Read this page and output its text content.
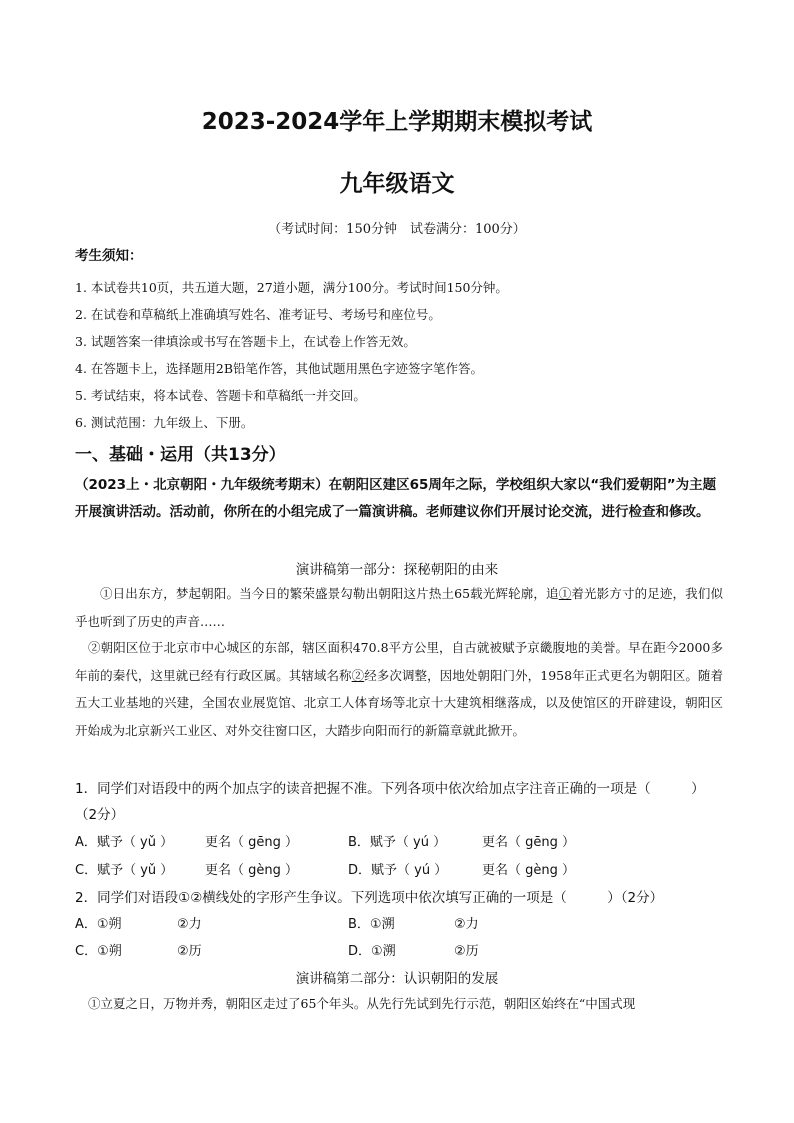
2023-2024学年上学期期末模拟考试
九年级语文
（考试时间：150分钟　试卷满分：100分）
考生须知：
1. 本试卷共10页，共五道大题，27道小题，满分100分。考试时间150分钟。
2. 在试卷和草稿纸上准确填写姓名、准考证号、考场号和座位号。
3. 试题答案一律填涂或书写在答题卡上，在试卷上作答无效。
4. 在答题卡上，选择题用2B铅笔作答，其他试题用黑色字迹签字笔作答。
5. 考试结束，将本试卷、答题卡和草稿纸一并交回。
6. 测试范围：九年级上、下册。
一、基础・运用（共13分）
（2023上・北京朝阳・九年级统考期末）在朝阳区建区65周年之际，学校组织大家以“我们爱朝阳”为主题开展演讲活动。活动前，你所在的小组完成了一篇演讲稿。老师建议你们开展讨论交流，进行检查和修改。
演讲稿第一部分：探秘朝阳的由来
①日出东方，梦起朝阳。当今日的繁荣盛景勾勒出朝阳这片热土65载光辉轮廓，追①着光影方寸的足迹，我们似乎也听到了历史的声音……
②朝阳区位于北京市中心城区的东部，辖区面积470.8平方公里，自古就被赋予京畿腹地的美誉。早在距今2000多年前的秦代，这里就已经有行政区属。其辖域名称②经多次调整，因地处朝阳门外，1958年正式更名为朝阳区。随着五大工业基地的兴建，全国农业展览馆、北京工人体育场等北京十大建筑相继落成，以及使馆区的开辟建设，朝阳区开始成为北京新兴工业区、对外交往窗口区，大踏步向阳而行的新篇章就此掀开。
1．同学们对语段中的两个加点字的读音把握不准。下列各项中依次给加点字注音正确的一项是（　　　）
（2分）
A．赋予（ yǔ ） 更名（ gēng ）	B．赋予（ yú ）	更名（ gēng ）
C．赋予（ yǔ ） 更名（ gèng ）	D．赋予（ yú ）	更名（ gèng ）
2．同学们对语段①②横线处的字形产生争议。下列选项中依次填写正确的一项是（　　　）（2分）
A．①朔	②力	B．①溯	②力
C．①朔	②历	D．①溯	②历
演讲稿第二部分：认识朝阳的发展
①立夏之日，万物并秀，朝阳区走过了65个年头。从先行先试到先行示范，朝阳区始终在“中国式现
